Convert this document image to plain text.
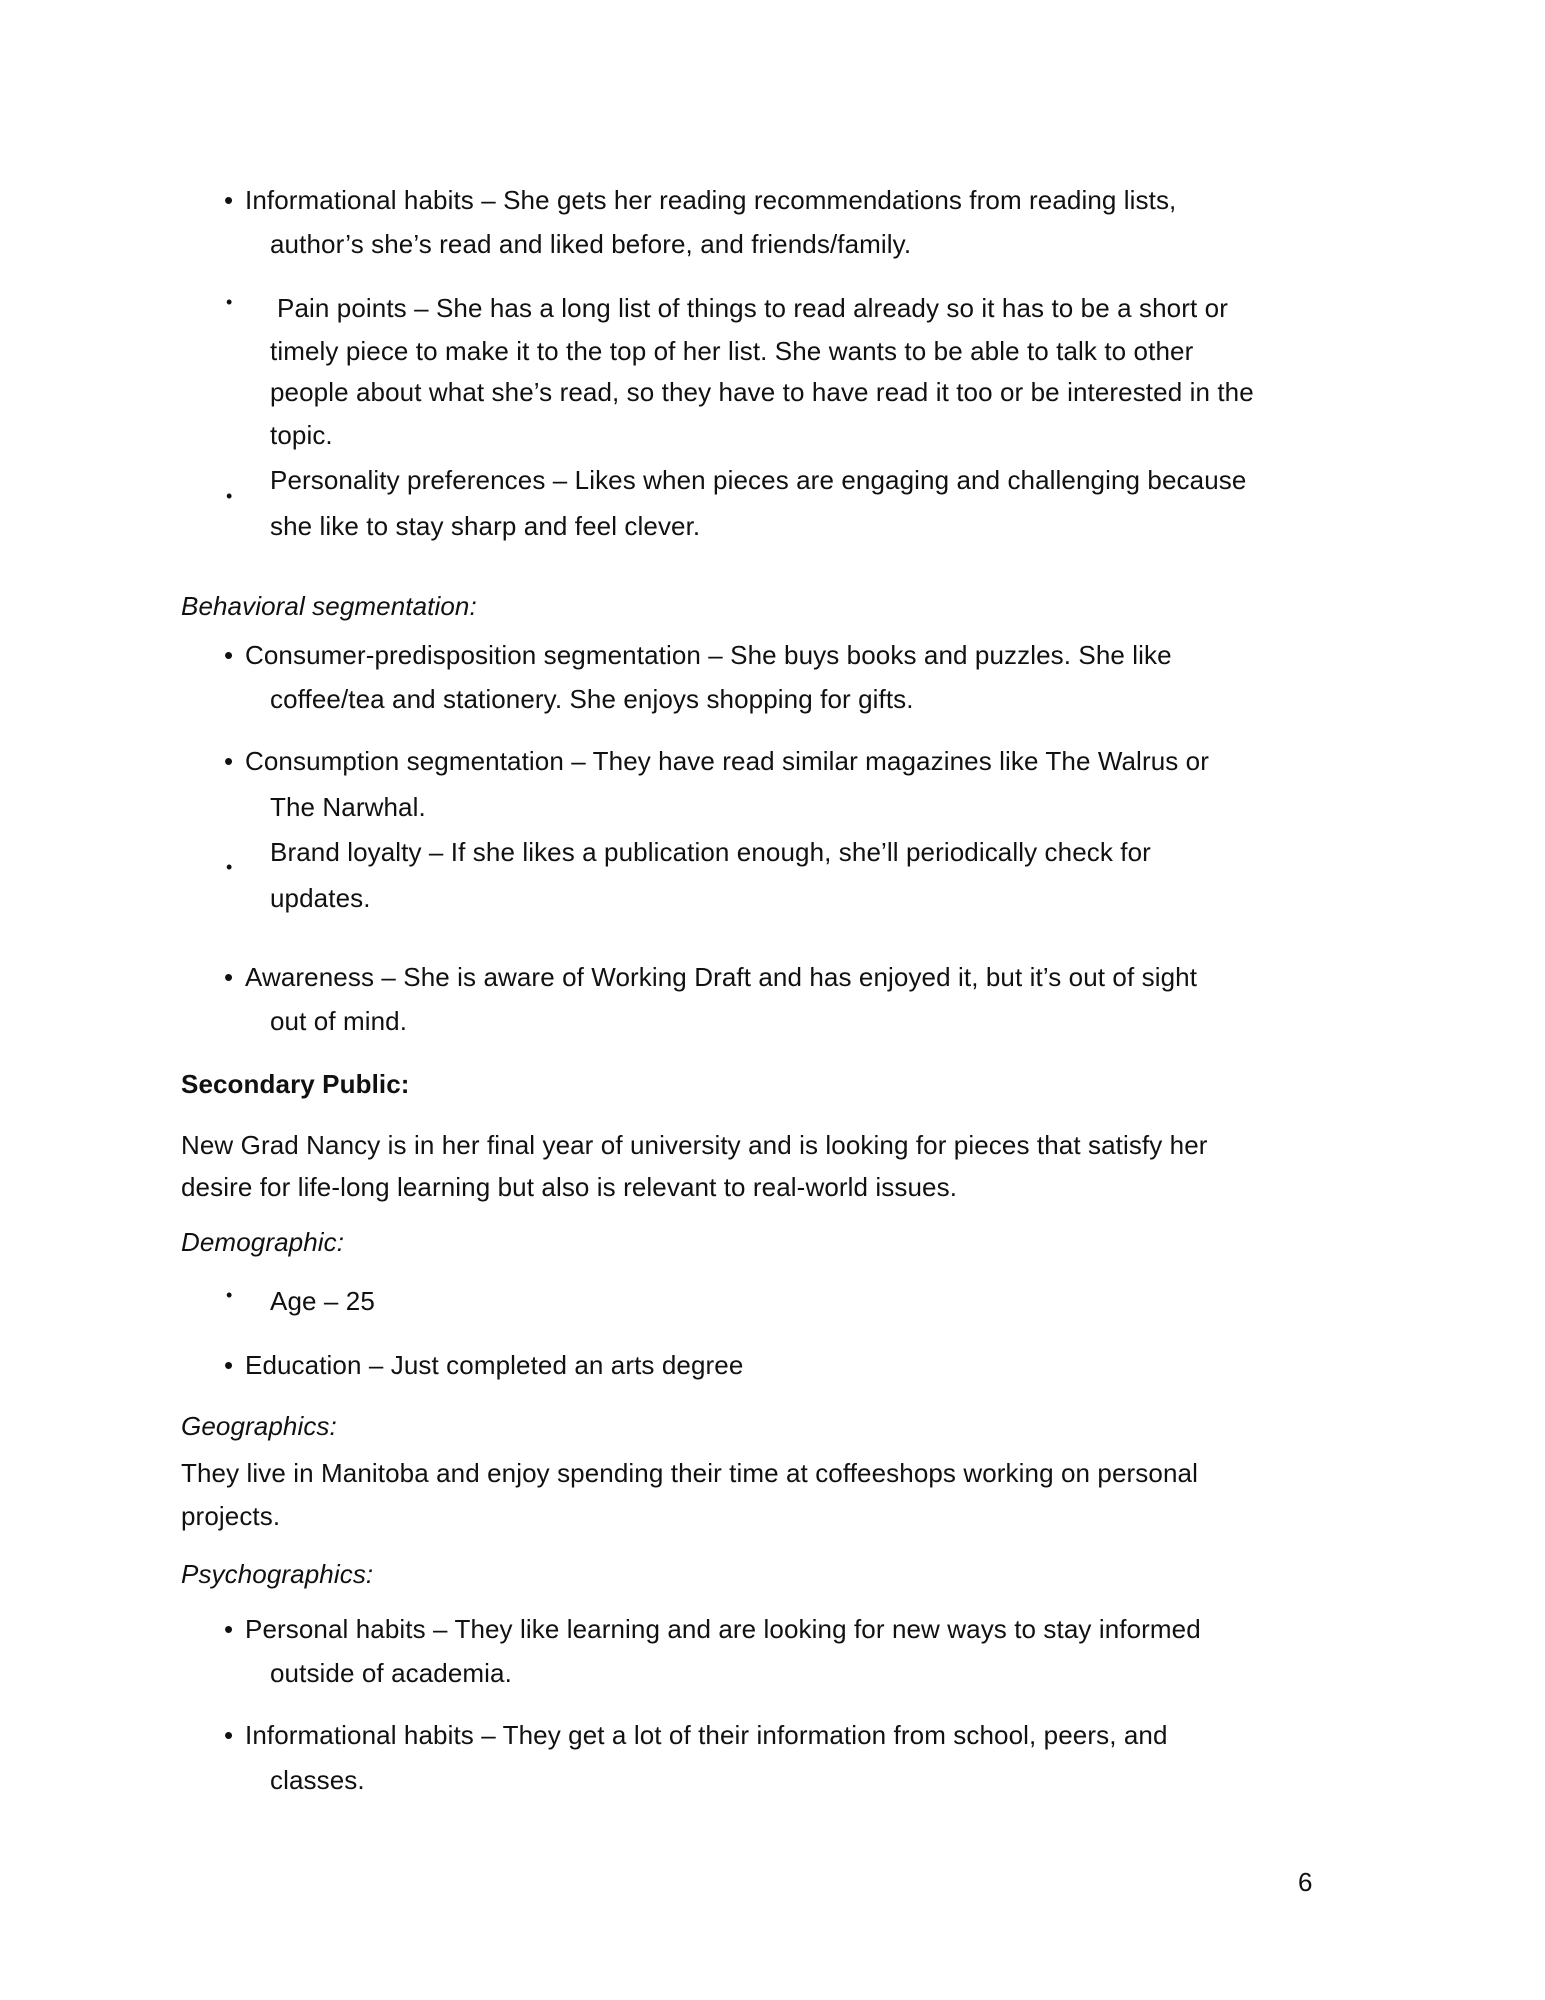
• Informational habits – She gets her reading recommendations from reading lists,
author’s she’s read and liked before, and friends/family.
• Pain points – She has a long list of things to read already so it has to be a short or
timely piece to make it to the top of her list. She wants to be able to talk to other
people about what she’s read, so they have to have read it too or be interested in the
topic.
•
Personality preferences – Likes when pieces are engaging and challenging because
she like to stay sharp and feel clever.
Behavioral segmentation:
• Consumer-predisposition segmentation – She buys books and puzzles. She like
coffee/tea and stationery. She enjoys shopping for gifts.
• Consumption segmentation – They have read similar magazines like The Walrus or
The Narwhal.
• Brand loyalty – If she likes a publication enough, she’ll periodically check for
updates.
• Awareness – She is aware of Working Draft and has enjoyed it, but it’s out of sight
out of mind.
Secondary Public:
New Grad Nancy is in her final year of university and is looking for pieces that satisfy her
desire for life-long learning but also is relevant to real-world issues.
Demographic:
• Age – 25
• Education – Just completed an arts degree
Geographics:
They live in Manitoba and enjoy spending their time at coffeeshops working on personal
projects.
Psychographics:
• Personal habits – They like learning and are looking for new ways to stay informed
outside of academia.
• Informational habits – They get a lot of their information from school, peers, and
classes.
6
